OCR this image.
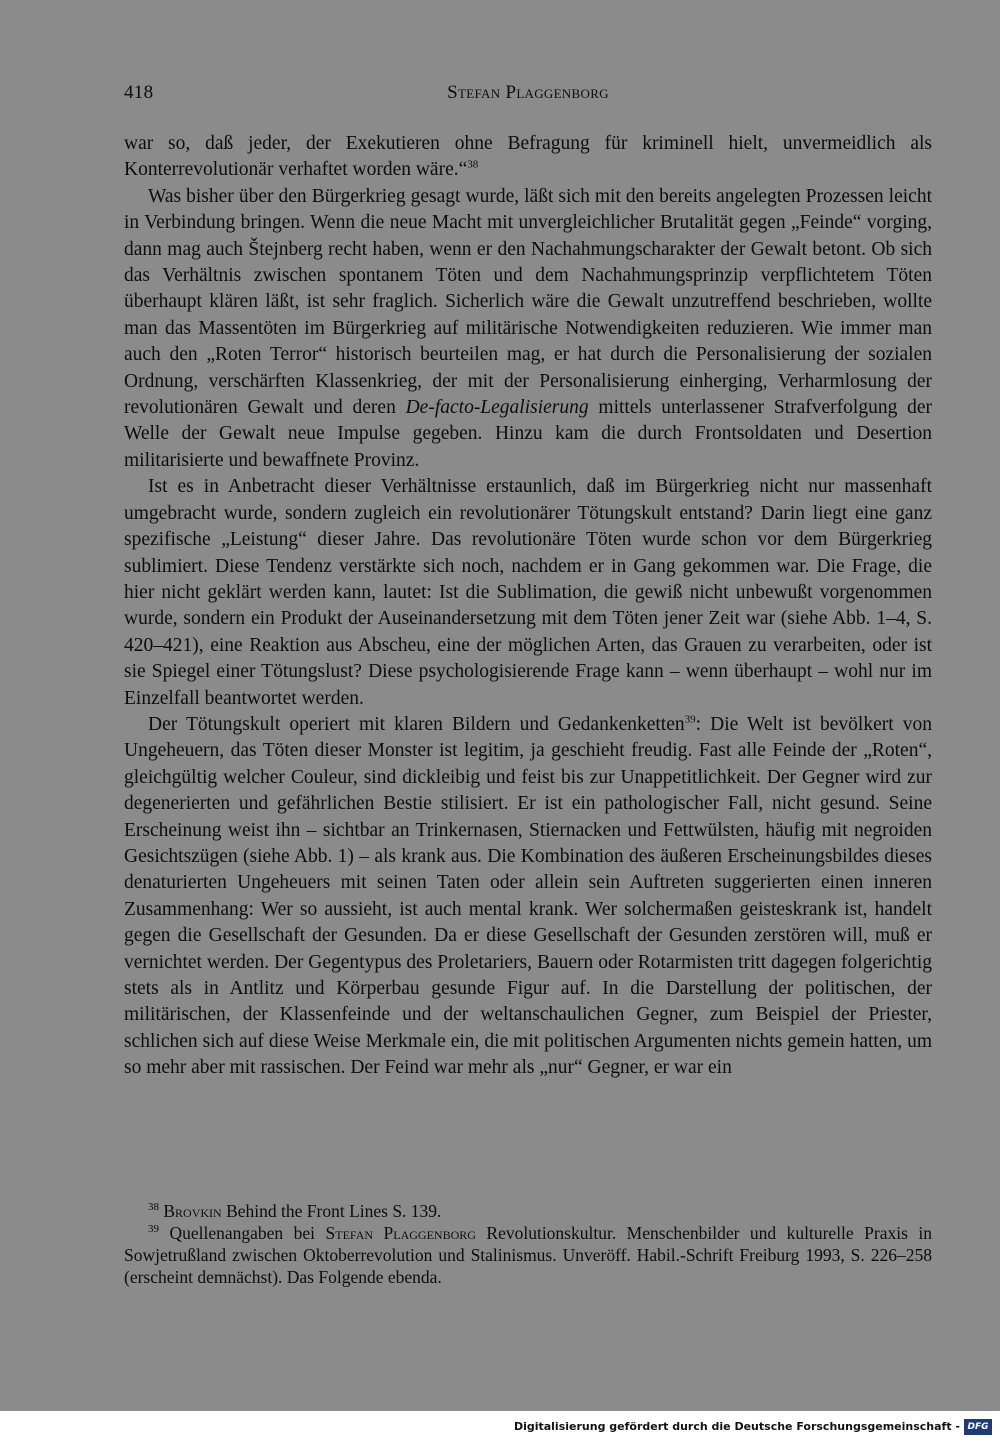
418	Stefan Plaggenborg

war so, daß jeder, der Exekutieren ohne Befragung für kriminell hielt, unvermeidlich als Konterrevolutionär verhaftet worden wäre.“$^{38}$

Was bisher über den Bürgerkrieg gesagt wurde, läßt sich mit den bereits angelegten Prozessen leicht in Verbindung bringen. Wenn die neue Macht mit unvergleichlicher Brutalität gegen „Feinde“ vorging, dann mag auch Štejnberg recht haben, wenn er den Nachahmungscharakter der Gewalt betont. Ob sich das Verhältnis zwischen spontanem Töten und dem Nachahmungsprinzip verpflichtetem Töten überhaupt klären läßt, ist sehr fraglich. Sicherlich wäre die Gewalt unzutreffend beschrieben, wollte man das Massentöten im Bürgerkrieg auf militärische Notwendigkeiten reduzieren. Wie immer man auch den „Roten Terror“ historisch beurteilen mag, er hat durch die Personalisierung der sozialen Ordnung, verschärften Klassenkrieg, der mit der Personalisierung einherging, Verharmlosung der revolutionären Gewalt und deren De-facto-Legalisierung mittels unterlassener Strafverfolgung der Welle der Gewalt neue Impulse gegeben. Hinzu kam die durch Frontsoldaten und Desertion militarisierte und bewaffnete Provinz.

Ist es in Anbetracht dieser Verhältnisse erstaunlich, daß im Bürgerkrieg nicht nur massenhaft umgebracht wurde, sondern zugleich ein revolutionärer Tötungskult entstand? Darin liegt eine ganz spezifische „Leistung“ dieser Jahre. Das revolutionäre Töten wurde schon vor dem Bürgerkrieg sublimiert. Diese Tendenz verstärkte sich noch, nachdem er in Gang gekommen war. Die Frage, die hier nicht geklärt werden kann, lautet: Ist die Sublimation, die gewiß nicht unbewußt vorgenommen wurde, sondern ein Produkt der Auseinandersetzung mit dem Töten jener Zeit war (siehe Abb. 1–4, S. 420–421), eine Reaktion aus Abscheu, eine der möglichen Arten, das Grauen zu verarbeiten, oder ist sie Spiegel einer Tötungslust? Diese psychologisierende Frage kann – wenn überhaupt – wohl nur im Einzelfall beantwortet werden.

Der Tötungskult operiert mit klaren Bildern und Gedankenketten$^{39}$: Die Welt ist bevölkert von Ungeheuern, das Töten dieser Monster ist legitim, ja geschieht freudig. Fast alle Feinde der „Roten“, gleichgültig welcher Couleur, sind dickleibig und feist bis zur Unappetitlichkeit. Der Gegner wird zur degenerierten und gefährlichen Bestie stilisiert. Er ist ein pathologischer Fall, nicht gesund. Seine Erscheinung weist ihn – sichtbar an Trinkernasen, Stiernacken und Fettwülsten, häufig mit negroiden Gesichtszügen (siehe Abb. 1) – als krank aus. Die Kombination des äußeren Erscheinungsbildes dieses denaturierten Ungeheuers mit seinen Taten oder allein sein Auftreten suggerierten einen inneren Zusammenhang: Wer so aussieht, ist auch mental krank. Wer solchermaßen geisteskrank ist, handelt gegen die Gesellschaft der Gesunden. Da er diese Gesellschaft der Gesunden zerstören will, muß er vernichtet werden. Der Gegentypus des Proletariers, Bauern oder Rotarmisten tritt dagegen folgerichtig stets als in Antlitz und Körperbau gesunde Figur auf. In die Darstellung der politischen, der militärischen, der Klassenfeinde und der weltanschaulichen Gegner, zum Beispiel der Priester, schlichen sich auf diese Weise Merkmale ein, die mit politischen Argumenten nichts gemein hatten, um so mehr aber mit rassischen. Der Feind war mehr als „nur“ Gegner, er war ein

$^{38}$ Brovkin Behind the Front Lines S. 139.

$^{39}$ Quellenangaben bei Stefan Plaggenborg Revolutionskultur. Menschenbilder und kulturelle Praxis in Sowjetrußland zwischen Oktoberrevolution und Stalinismus. Unveröff. Habil.-Schrift Freiburg 1993, S. 226–258 (erscheint demnächst). Das Folgende ebenda.

Digitalisierung gefördert durch die Deutsche Forschungsgemeinschaft - DFG
